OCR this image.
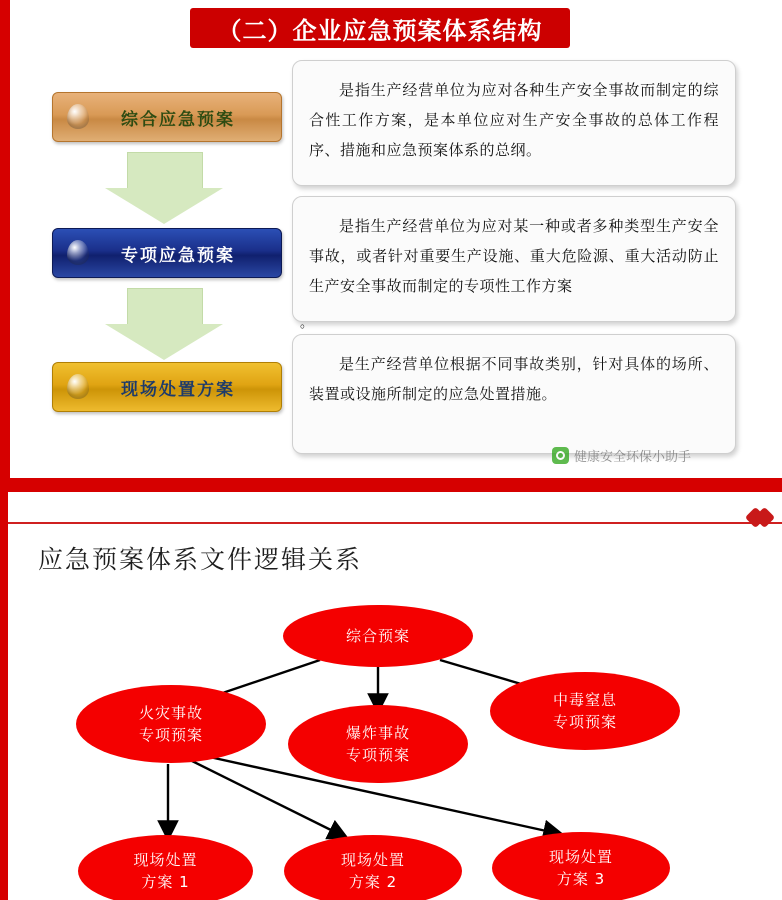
（二）企业应急预案体系结构
综合应急预案
专项应急预案
现场处置方案

是指生产经营单位为应对各种生产安全事故而制定的综合性工作方案，是本单位应对生产安全事故的总体工作程序、措施和应急预案体系的总纲。

是指生产经营单位为应对某一种或者多种类型生产安全事故，或者针对重要生产设施、重大危险源、重大活动防止生产安全事故而制定的专项性工作方案

。

是生产经营单位根据不同事故类别，针对具体的场所、装置或设施所制定的应急处置措施。

健康安全环保小助手
应急预案体系文件逻辑关系
综合预案
火灾事故
专项预案	爆炸事故
专项预案
中毒窒息
专项预案
现场处置
方案 1
现场处置
方案 2
现场处置
方案 3
